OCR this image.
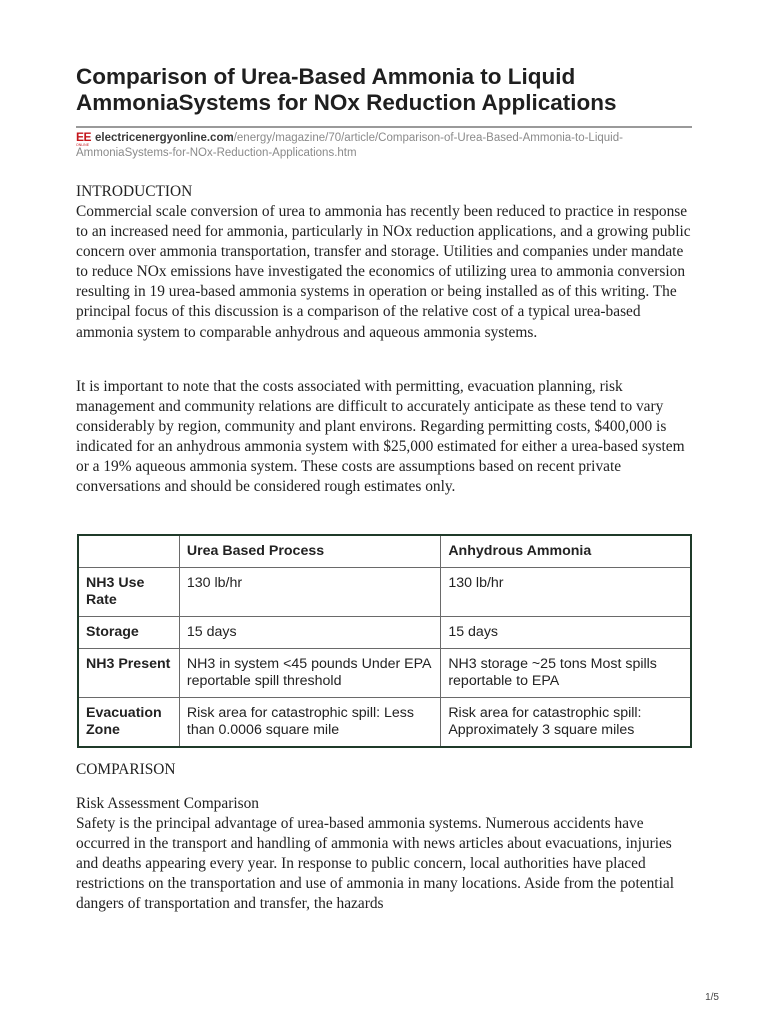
Comparison of Urea-Based Ammonia to Liquid AmmoniaSystems for NOx Reduction Applications
EE
ONLINE
electricenergyonline.com/energy/magazine/70/article/Comparison-of-Urea-Based-Ammonia-to-Liquid-AmmoniaSystems-for-NOx-Reduction-Applications.htm
INTRODUCTION

Commercial scale conversion of urea to ammonia has recently been reduced to practice in response to an increased need for ammonia, particularly in NOx reduction applications, and a growing public concern over ammonia transportation, transfer and storage. Utilities and companies under mandate to reduce NOx emissions have investigated the economics of utilizing urea to ammonia conversion resulting in 19 urea-based ammonia systems in operation or being installed as of this writing. The principal focus of this discussion is a comparison of the relative cost of a typical urea-based ammonia system to comparable anhydrous and aqueous ammonia systems.

It is important to note that the costs associated with permitting, evacuation planning, risk management and community relations are difficult to accurately anticipate as these tend to vary considerably by region, community and plant environs. Regarding permitting costs, $400,000 is indicated for an anhydrous ammonia system with $25,000 estimated for either a urea-based system or a 19% aqueous ammonia system. These costs are assumptions based on recent private conversations and should be considered rough estimates only.

	Urea Based Process	Anhydrous Ammonia
NH3 Use Rate	130 lb/hr	130 lb/hr
Storage	15 days	15 days
NH3 Present	NH3 in system <45 pounds Under EPA reportable spill threshold	NH3 storage ~25 tons Most spills reportable to EPA
Evacuation Zone	Risk area for catastrophic spill: Less than 0.0006 square mile	Risk area for catastrophic spill: Approximately 3 square miles
COMPARISON
Risk Assessment Comparison

Safety is the principal advantage of urea-based ammonia systems. Numerous accidents have occurred in the transport and handling of ammonia with news articles about evacuations, injuries and deaths appearing every year. In response to public concern, local authorities have placed restrictions on the transportation and use of ammonia in many locations. Aside from the potential dangers of transportation and transfer, the hazards

1/5
